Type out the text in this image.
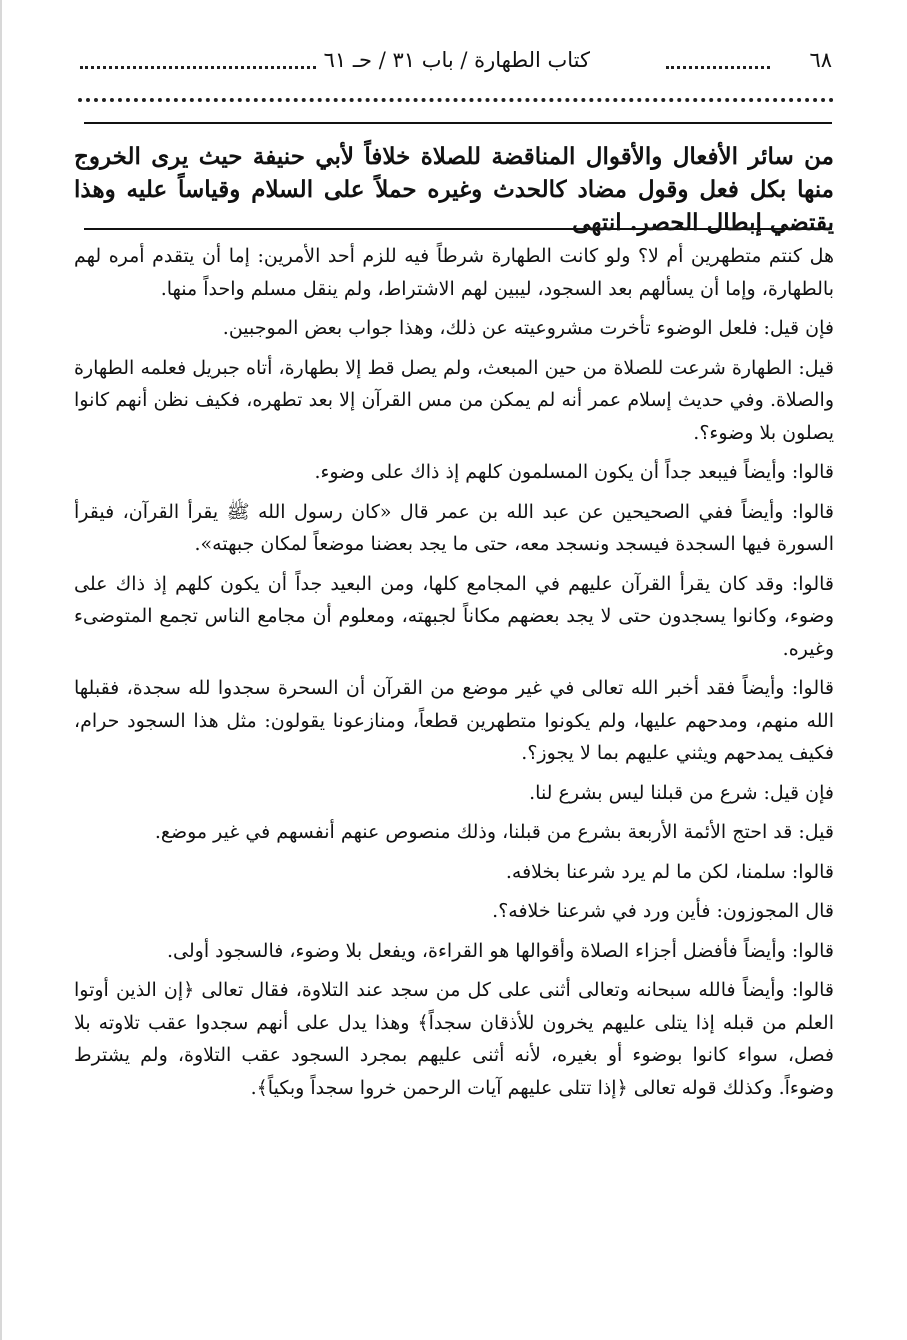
٦٨
كتاب الطهارة / باب ٣١ / حـ ٦١
من سائر الأفعال والأقوال المناقضة للصلاة خلافاً لأبي حنيفة حيث يرى الخروج منها بكل فعل وقول مضاد كالحدث وغيره حملاً على السلام وقياساً عليه وهذا يقتضي إبطال الحصر. انتهى

هل كنتم متطهرين أم لا؟ ولو كانت الطهارة شرطاً فيه للزم أحد الأمرين: إما أن يتقدم أمره لهم بالطهارة، وإما أن يسألهم بعد السجود، ليبين لهم الاشتراط، ولم ينقل مسلم واحداً منها.

فإن قيل: فلعل الوضوء تأخرت مشروعيته عن ذلك، وهذا جواب بعض الموجبين.

قيل: الطهارة شرعت للصلاة من حين المبعث، ولم يصل قط إلا بطهارة، أتاه جبريل فعلمه الطهارة والصلاة. وفي حديث إسلام عمر أنه لم يمكن من مس القرآن إلا بعد تطهره، فكيف نظن أنهم كانوا يصلون بلا وضوء؟.

قالوا: وأيضاً فيبعد جداً أن يكون المسلمون كلهم إذ ذاك على وضوء.

قالوا: وأيضاً ففي الصحيحين عن عبد الله بن عمر قال «كان رسول الله ﷺ يقرأ القرآن، فيقرأ السورة فيها السجدة فيسجد ونسجد معه، حتى ما يجد بعضنا موضعاً لمكان جبهته».

قالوا: وقد كان يقرأ القرآن عليهم في المجامع كلها، ومن البعيد جداً أن يكون كلهم إذ ذاك على وضوء، وكانوا يسجدون حتى لا يجد بعضهم مكاناً لجبهته، ومعلوم أن مجامع الناس تجمع المتوضىء وغيره.

قالوا: وأيضاً فقد أخبر الله تعالى في غير موضع من القرآن أن السحرة سجدوا لله سجدة، فقبلها الله منهم، ومدحهم عليها، ولم يكونوا متطهرين قطعاً، ومنازعونا يقولون: مثل هذا السجود حرام، فكيف يمدحهم ويثني عليهم بما لا يجوز؟.

فإن قيل: شرع من قبلنا ليس بشرع لنا.

قيل: قد احتج الأئمة الأربعة بشرع من قبلنا، وذلك منصوص عنهم أنفسهم في غير موضع.

قالوا: سلمنا، لكن ما لم يرد شرعنا بخلافه.

قال المجوزون: فأين ورد في شرعنا خلافه؟.

قالوا: وأيضاً فأفضل أجزاء الصلاة وأقوالها هو القراءة، ويفعل بلا وضوء، فالسجود أولى.

قالوا: وأيضاً فالله سبحانه وتعالى أثنى على كل من سجد عند التلاوة، فقال تعالى ﴿إن الذين أوتوا العلم من قبله إذا يتلى عليهم يخرون للأذقان سجداً﴾ وهذا يدل على أنهم سجدوا عقب تلاوته بلا فصل، سواء كانوا بوضوء أو بغيره، لأنه أثنى عليهم بمجرد السجود عقب التلاوة، ولم يشترط وضوءاً. وكذلك قوله تعالى ﴿إذا تتلى عليهم آيات الرحمن خروا سجداً وبكياً﴾.
